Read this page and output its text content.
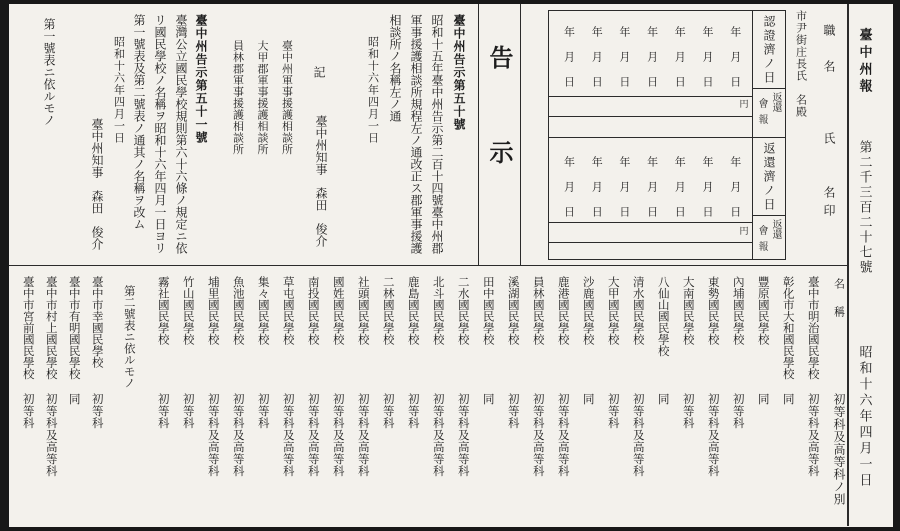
臺中州報
第二千三百二十七號
昭和十六年四月一日
職　名　　　氏　　名印
市尹街庄長氏　名殿
告示
臺中州告示第五十號
昭和十六年四月一日
記
臺中州知事　森田　俊介
臺中州告示第五十一號
昭和十六年四月一日
臺中州知事　森田　俊介
第一號表ニ依ルモノ
名　稱
初等科及高等科ノ別
第二號表ニ依ルモノ
認證濟ノ日
返還
會報
円
年　月　日 年　月　日 年　月　日 年　月　日 年　月　日 年　月　日 年　月　日
返還濟ノ日
返還
會報
円
年　月　日 年　月　日 年　月　日 年　月　日 年　月　日 年　月　日 年　月　日
昭和十五年臺中州告示第二百十四號臺中州郡
軍事援護相談所規程左ノ通改正ス郡軍事援護
相談所ノ名稱左ノ通
臺中州軍事援護相談所
大甲郡軍事援護相談所
員林郡軍事援護相談所
臺灣公立國民學校規則第六十六條ノ規定ニ依
リ國民學校ノ名稱ヲ昭和十六年四月一日ヨリ
第一號表及第二號表ノ通其ノ名稱ヲ改ム
臺中市明治國民學校
初等科及高等科
彰化市大和國民學校
同
豐原國民學校
同
內埔國民學校
初等科
東勢國民學校
初等科及高等科
大南國民學校
初等科
八仙山國民學校
同
清水國民學校
初等科及高等科
大甲國民學校
初等科
沙鹿國民學校
同
鹿港國民學校
初等科及高等科
員林國民學校
初等科及高等科
溪湖國民學校
初等科
田中國民學校
同
二水國民學校
初等科及高等科
北斗國民學校
初等科及高等科
鹿島國民學校
初等科
二林國民學校
初等科
社頭國民學校
初等科及高等科
國姓國民學校
初等科及高等科
南投國民學校
初等科及高等科
草屯國民學校
初等科及高等科
集々國民學校
初等科
魚池國民學校
初等科及高等科
埔里國民學校
初等科及高等科
竹山國民學校
初等科
霧社國民學校
初等科
臺中市幸國民學校
初等科
臺中市有明國民學校
同
臺中市村上國民學校
初等科及高等科
臺中市宮前國民學校
初等科
